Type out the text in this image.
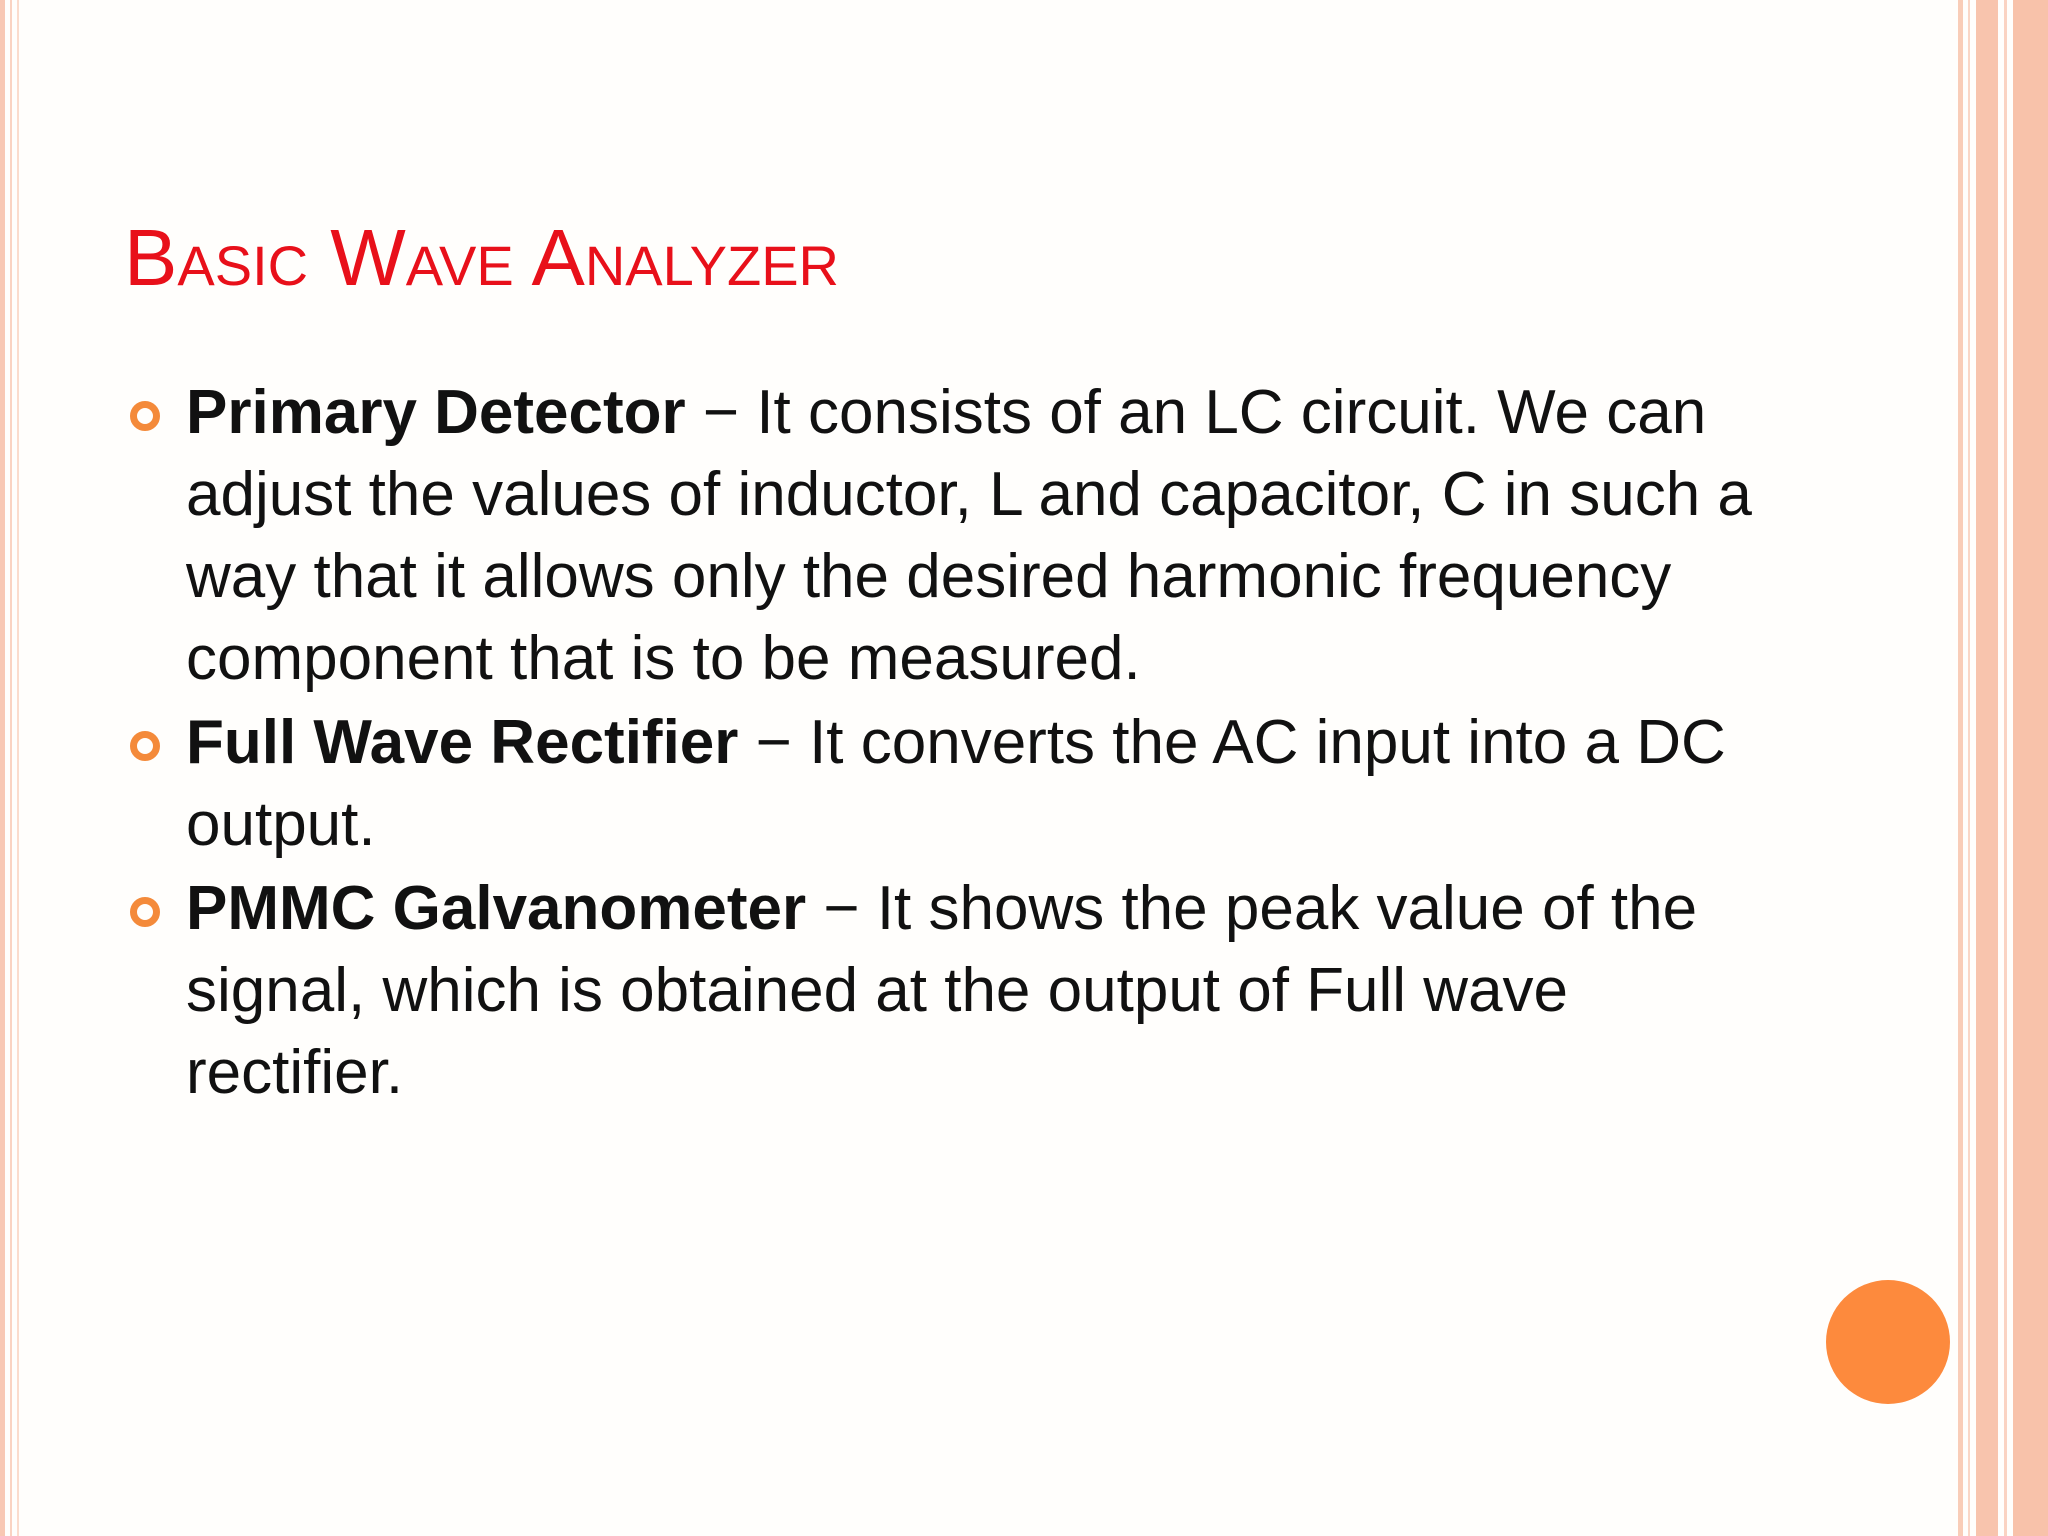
Basic Wave Analyzer
Primary Detector − It consists of an LC circuit. We can adjust the values of inductor, L and capacitor, C in such a way that it allows only the desired harmonic frequency component that is to be measured.
Full Wave Rectifier − It converts the AC input into a DC output.
PMMC Galvanometer − It shows the peak value of the signal, which is obtained at the output of Full wave rectifier.
